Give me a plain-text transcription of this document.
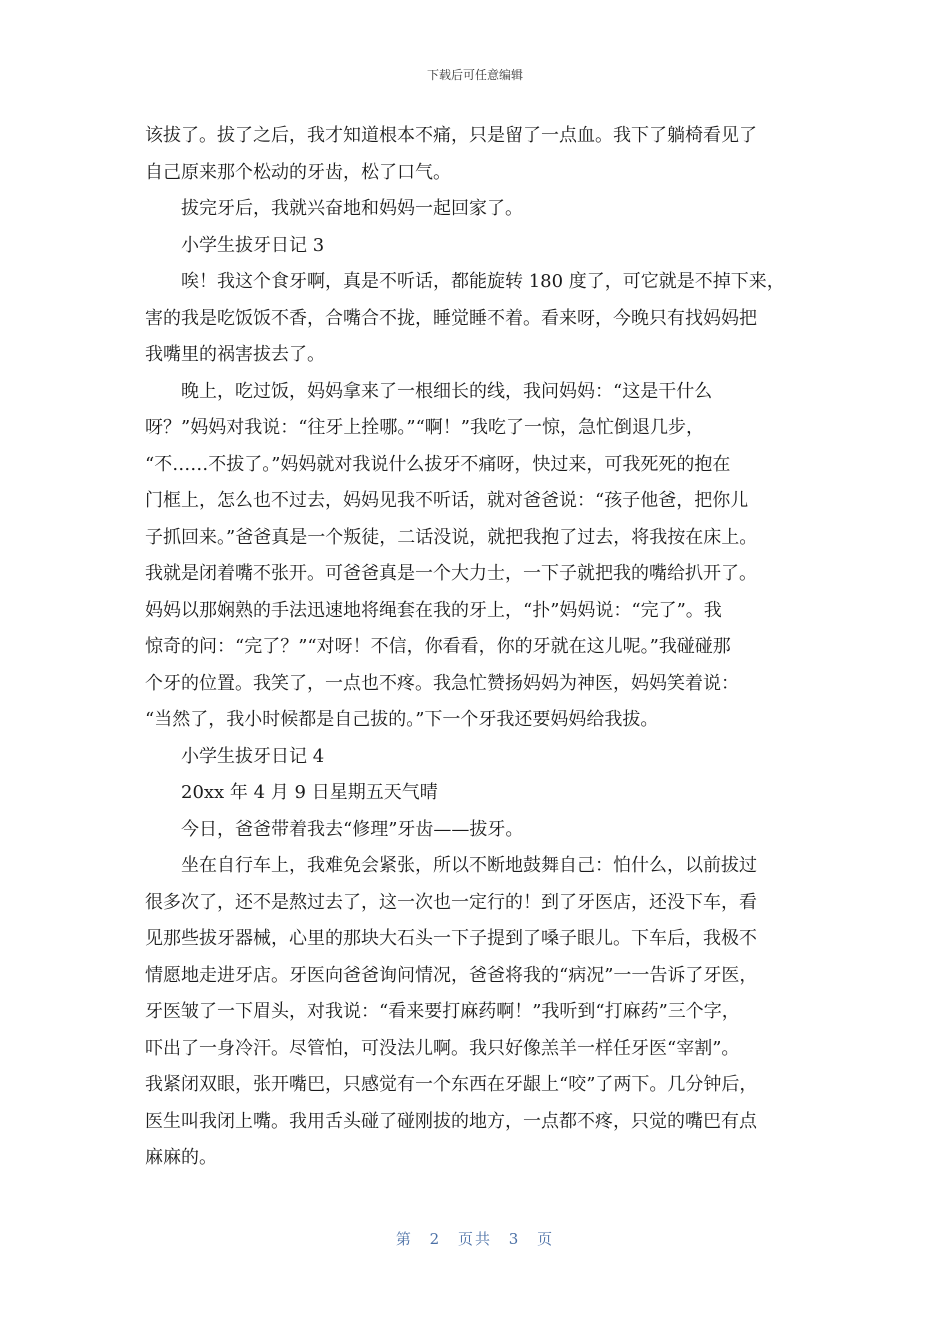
下载后可任意编辑
该拔了。拔了之后，我才知道根本不痛，只是留了一点血。我下了躺椅看见了
自己原来那个松动的牙齿，松了口气。
拔完牙后，我就兴奋地和妈妈一起回家了。
小学生拔牙日记 3
唉！我这个食牙啊，真是不听话，都能旋转 180 度了，可它就是不掉下来，
害的我是吃饭饭不香，合嘴合不拢，睡觉睡不着。看来呀，今晚只有找妈妈把
我嘴里的祸害拔去了。
晚上，吃过饭，妈妈拿来了一根细长的线，我问妈妈：“这是干什么
呀？”妈妈对我说：“往牙上拴哪。”“啊！”我吃了一惊，急忙倒退几步，
“不……不拔了。”妈妈就对我说什么拔牙不痛呀，快过来，可我死死的抱在
门框上，怎么也不过去，妈妈见我不听话，就对爸爸说：“孩子他爸，把你儿
子抓回来。”爸爸真是一个叛徒，二话没说，就把我抱了过去，将我按在床上。
我就是闭着嘴不张开。可爸爸真是一个大力士，一下子就把我的嘴给扒开了。
妈妈以那娴熟的手法迅速地将绳套在我的牙上，“扑”妈妈说：“完了”。我
惊奇的问：“完了？”“对呀！不信，你看看，你的牙就在这儿呢。”我碰碰那
个牙的位置。我笑了，一点也不疼。我急忙赞扬妈妈为神医，妈妈笑着说：
“当然了，我小时候都是自己拔的。”下一个牙我还要妈妈给我拔。
小学生拔牙日记 4
20xx 年 4 月 9 日星期五天气晴
今日，爸爸带着我去“修理”牙齿——拔牙。
坐在自行车上，我难免会紧张，所以不断地鼓舞自己：怕什么，以前拔过
很多次了，还不是熬过去了，这一次也一定行的！到了牙医店，还没下车，看
见那些拔牙器械，心里的那块大石头一下子提到了嗓子眼儿。下车后，我极不
情愿地走进牙店。牙医向爸爸询问情况，爸爸将我的“病况”一一告诉了牙医，
牙医皱了一下眉头，对我说：“看来要打麻药啊！”我听到“打麻药”三个字，
吓出了一身冷汗。尽管怕，可没法儿啊。我只好像羔羊一样任牙医“宰割”。
我紧闭双眼，张开嘴巴，只感觉有一个东西在牙龈上“咬”了两下。几分钟后，
医生叫我闭上嘴。我用舌头碰了碰刚拔的地方，一点都不疼，只觉的嘴巴有点
麻麻的。
第 2 页共 3 页
